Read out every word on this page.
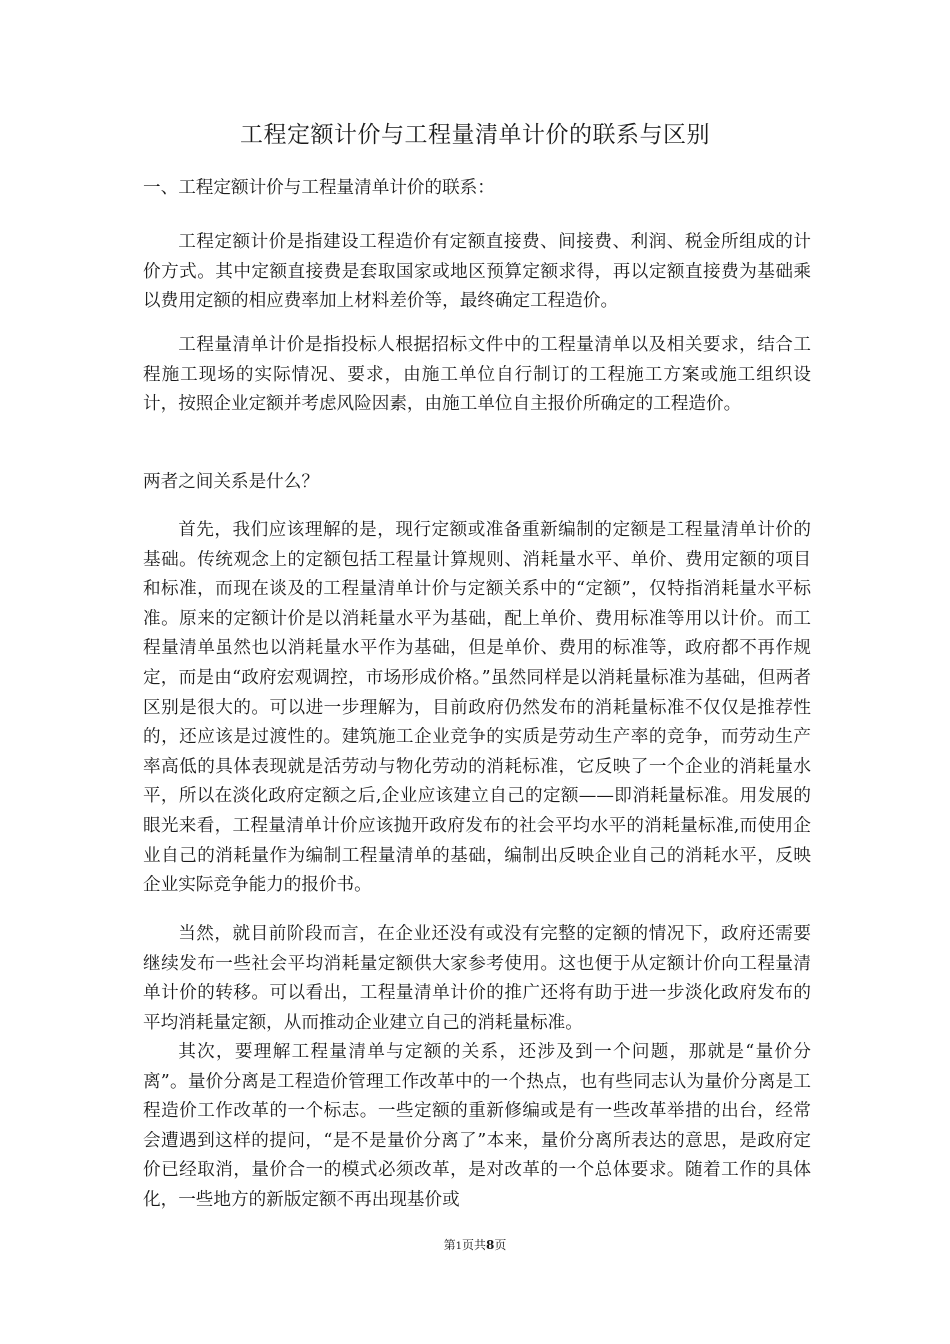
工程定额计价与工程量清单计价的联系与区别

一、工程定额计价与工程量清单计价的联系：

工程定额计价是指建设工程造价有定额直接费、间接费、利润、税金所组成的计价方式。其中定额直接费是套取国家或地区预算定额求得，再以定额直接费为基础乘以费用定额的相应费率加上材料差价等，最终确定工程造价。

工程量清单计价是指投标人根据招标文件中的工程量清单以及相关要求，结合工程施工现场的实际情况、要求，由施工单位自行制订的工程施工方案或施工组织设计，按照企业定额并考虑风险因素，由施工单位自主报价所确定的工程造价。

两者之间关系是什么？

首先，我们应该理解的是，现行定额或准备重新编制的定额是工程量清单计价的基础。传统观念上的定额包括工程量计算规则、消耗量水平、单价、费用定额的项目和标准，而现在谈及的工程量清单计价与定额关系中的“定额”，仅特指消耗量水平标准。原来的定额计价是以消耗量水平为基础，配上单价、费用标准等用以计价。而工程量清单虽然也以消耗量水平作为基础，但是单价、费用的标准等，政府都不再作规定，而是由“政府宏观调控，市场形成价格。”虽然同样是以消耗量标准为基础，但两者区别是很大的。可以进一步理解为，目前政府仍然发布的消耗量标准不仅仅是推荐性的，还应该是过渡性的。建筑施工企业竞争的实质是劳动生产率的竞争，而劳动生产率高低的具体表现就是活劳动与物化劳动的消耗标准，它反映了一个企业的消耗量水平，所以在淡化政府定额之后,企业应该建立自己的定额——即消耗量标准。用发展的眼光来看，工程量清单计价应该抛开政府发布的社会平均水平的消耗量标准,而使用企业自己的消耗量作为编制工程量清单的基础，编制出反映企业自己的消耗水平，反映企业实际竞争能力的报价书。

当然，就目前阶段而言，在企业还没有或没有完整的定额的情况下，政府还需要继续发布一些社会平均消耗量定额供大家参考使用。这也便于从定额计价向工程量清单计价的转移。可以看出，工程量清单计价的推广还将有助于进一步淡化政府发布的平均消耗量定额，从而推动企业建立自己的消耗量标准。

其次，要理解工程量清单与定额的关系，还涉及到一个问题，那就是“量价分离”。量价分离是工程造价管理工作改革中的一个热点，也有些同志认为量价分离是工程造价工作改革的一个标志。一些定额的重新修编或是有一些改革举措的出台，经常会遭遇到这样的提问，“是不是量价分离了”本来，量价分离所表达的意思，是政府定价已经取消，量价合一的模式必须改革，是对改革的一个总体要求。随着工作的具体化，一些地方的新版定额不再出现基价或

第1页共8页
